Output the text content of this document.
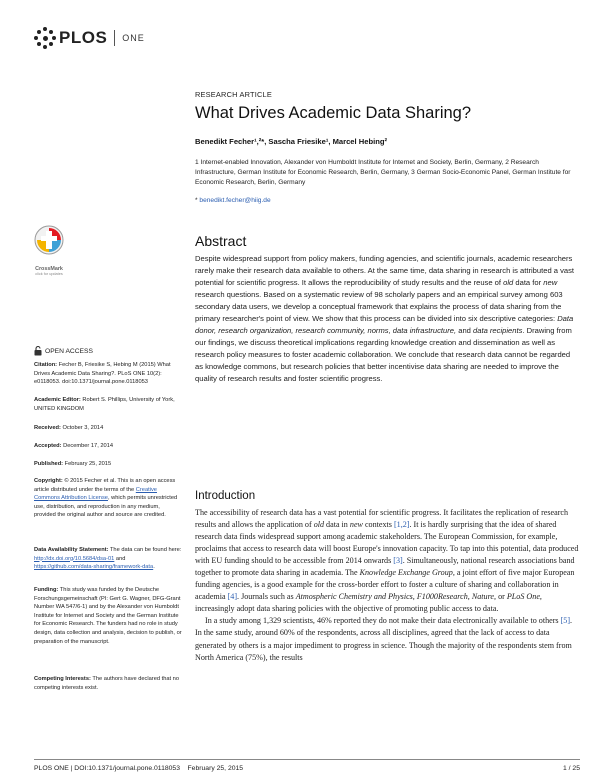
PLOS ONE
RESEARCH ARTICLE
What Drives Academic Data Sharing?
Benedikt Fecher¹,²*, Sascha Friesike¹, Marcel Hebing²
1 Internet-enabled Innovation, Alexander von Humboldt Institute for Internet and Society, Berlin, Germany, 2 Research Infrastructure, German Institute for Economic Research, Berlin, Germany, 3 German Socio-Economic Panel, German Institute for Economic Research, Berlin, Germany
* benedikt.fecher@hiig.de
CrossMark
click for updates
OPEN ACCESS
Citation: Fecher B, Friesike S, Hebing M (2015) What Drives Academic Data Sharing?. PLoS ONE 10(2): e0118053. doi:10.1371/journal.pone.0118053
Academic Editor: Robert S. Phillips, University of York, UNITED KINGDOM
Received: October 3, 2014
Accepted: December 17, 2014
Published: February 25, 2015
Copyright: © 2015 Fecher et al. This is an open access article distributed under the terms of the Creative Commons Attribution License, which permits unrestricted use, distribution, and reproduction in any medium, provided the original author and source are credited.
Data Availability Statement: The data can be found here: http://dx.doi.org/10.5684/dsa-01 and https://github.com/data-sharing/framework-data.
Funding: This study was funded by the Deutsche Forschungsgemeinschaft (PI: Gert G. Wagner, DFG-Grant Number WA 547/6-1) and by the Alexander von Humboldt Institute for Internet and Society and the German Institute for Economic Research. The funders had no role in study design, data collection and analysis, decision to publish, or preparation of the manuscript.
Competing Interests: The authors have declared that no competing interests exist.
Abstract
Despite widespread support from policy makers, funding agencies, and scientific journals, academic researchers rarely make their research data available to others. At the same time, data sharing in research is attributed a vast potential for scientific progress. It allows the reproducibility of study results and the reuse of old data for new research questions. Based on a systematic review of 98 scholarly papers and an empirical survey among 603 secondary data users, we develop a conceptual framework that explains the process of data sharing from the primary researcher's point of view. We show that this process can be divided into six descriptive categories: Data donor, research organization, research community, norms, data infrastructure, and data recipients. Drawing from our findings, we discuss theoretical implications regarding knowledge creation and dissemination as well as research policy measures to foster academic collaboration. We conclude that research data cannot be regarded as knowledge commons, but research policies that better incentivise data sharing are needed to improve the quality of research results and foster scientific progress.
Introduction

The accessibility of research data has a vast potential for scientific progress. It facilitates the replication of research results and allows the application of old data in new contexts [1,2]. It is hardly surprising that the idea of shared research data finds widespread support among academic stakeholders. The European Commission, for example, proclaims that access to research data will boost Europe's innovation capacity. To tap into this potential, data produced with EU funding should to be accessible from 2014 onwards [3]. Simultaneously, national research associations band together to promote data sharing in academia. The Knowledge Exchange Group, a joint effort of five major European funding agencies, is a good example for the cross-border effort to foster a culture of sharing and collaboration in academia [4]. Journals such as Atmospheric Chemistry and Physics, F1000Research, Nature, or PLoS One, increasingly adopt data sharing policies with the objective of promoting public access to data.

In a study among 1,329 scientists, 46% reported they do not make their data electronically available to others [5]. In the same study, around 60% of the respondents, across all disciplines, agreed that the lack of access to data generated by others is a major impediment to progress in science. Though the majority of the respondents stem from North America (75%), the results

PLOS ONE | DOI:10.1371/journal.pone.0118053    February 25, 2015	1 / 25
